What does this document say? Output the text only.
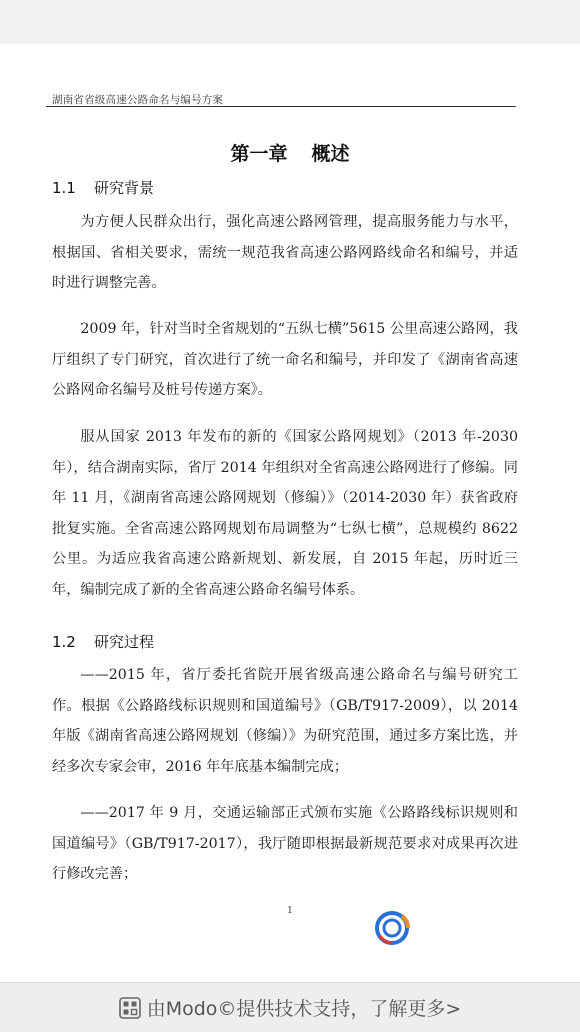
湖南省省级高速公路命名与编号方案
第一章 概述
1.1 研究背景

为方便人民群众出行，强化高速公路网管理，提高服务能力与水平，根据国、省相关要求，需统一规范我省高速公路网路线命名和编号，并适时进行调整完善。

2009 年，针对当时全省规划的“五纵七横”5615 公里高速公路网，我厅组织了专门研究，首次进行了统一命名和编号，并印发了《湖南省高速公路网命名编号及桩号传递方案》。

服从国家 2013 年发布的新的《国家公路网规划》（2013 年-2030 年），结合湖南实际，省厅 2014 年组织对全省高速公路网进行了修编。同年 11 月，《湖南省高速公路网规划（修编）》（2014-2030 年）获省政府批复实施。全省高速公路网规划布局调整为“七纵七横”，总规模约 8622 公里。为适应我省高速公路新规划、新发展，自 2015 年起，历时近三年，编制完成了新的全省高速公路命名编号体系。

1.2 研究过程

——2015 年，省厅委托省院开展省级高速公路命名与编号研究工作。根据《公路路线标识规则和国道编号》（GB/T917-2009），以 2014 年版《湖南省高速公路网规划（修编）》为研究范围，通过多方案比选，并经多次专家会审，2016 年年底基本编制完成；

——2017 年 9 月，交通运输部正式颁布实施《公路路线标识规则和国道编号》（GB/T917-2017），我厅随即根据最新规范要求对成果再次进行修改完善；

1
由Modo©提供技术支持，了解更多>
